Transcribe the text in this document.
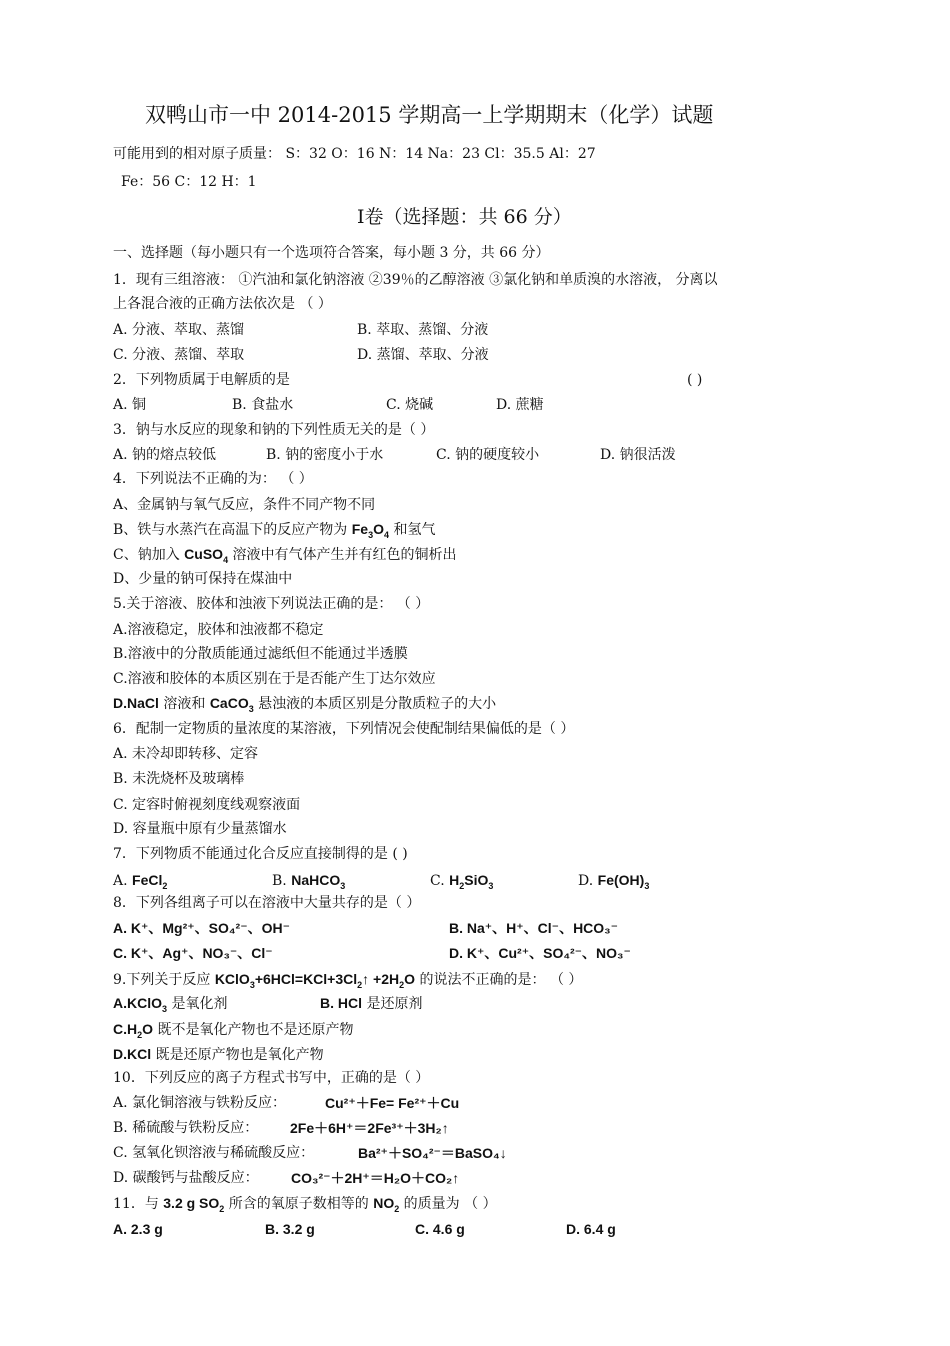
双鸭山市一中 2014-2015 学期高一上学期期末（化学）试题
可能用到的相对原子质量： S：32 O：16 N：14 Na：23 Cl：35.5 Al：27
Fe：56 C：12 H：1
Ⅰ卷（选择题：共 66 分）
一、选择题（每小题只有一个选项符合答案，每小题 3 分，共 66 分）
1．现有三组溶液： ①汽油和氯化钠溶液 ②39％的乙醇溶液 ③氯化钠和单质溴的水溶液， 分离以
上各混合液的正确方法依次是 （ ）
A. 分液、萃取、蒸馏	B. 萃取、蒸馏、分液
C. 分液、蒸馏、萃取	D. 蒸馏、萃取、分液
2．下列物质属于电解质的是	( )
A. 铜	B. 食盐水	C. 烧碱	D. 蔗糖
3．钠与水反应的现象和钠的下列性质无关的是（ ）
A. 钠的熔点较低	B. 钠的密度小于水	C. 钠的硬度较小	D. 钠很活泼
4．下列说法不正确的为： （ ）
A、金属钠与氧气反应，条件不同产物不同
B、铁与水蒸汽在高温下的反应产物为 $Fe_3O_4$ 和氢气
C、钠加入 CuSO$_4$ 溶液中有气体产生并有红色的铜析出
D、少量的钠可保持在煤油中
5.关于溶液、胶体和浊液下列说法正确的是： （ ）
A.溶液稳定，胶体和浊液都不稳定
B.溶液中的分散质能通过滤纸但不能通过半透膜
C.溶液和胶体的本质区别在于是否能产生丁达尔效应
D.NaCl 溶液和 CaCO$_3$ 悬浊液的本质区别是分散质粒子的大小
6．配制一定物质的量浓度的某溶液，下列情况会使配制结果偏低的是（ ）
A. 未冷却即转移、定容
B. 未洗烧杯及玻璃棒
C. 定容时俯视刻度线观察液面
D. 容量瓶中原有少量蒸馏水
7．下列物质不能通过化合反应直接制得的是 ( )
A. FeCl$_2$	B. NaHCO$_3$	C. $H_2SiO_3$	D. $Fe(OH)_3$
8．下列各组离子可以在溶液中大量共存的是（ ）
A. K⁺、Mg²⁺、SO₄²⁻、OH⁻	B. Na⁺、H⁺、Cl⁻、HCO₃⁻
C. K⁺、Ag⁺、NO₃⁻、Cl⁻	D. K⁺、Cu²⁺、SO₄²⁻、NO₃⁻
9.下列关于反应 $KClO_3+6HCl=KCl+3Cl_2↑ +2H_2O$ 的说法不正确的是： （ ）
A.KClO$_3$ 是氧化剂	B. HCl 是还原剂
$C.H_2O$ 既不是氧化产物也不是还原产物
D.KCl 既是还原产物也是氧化产物
10．下列反应的离子方程式书写中，正确的是（ ）
A. 氯化铜溶液与铁粉反应：	Cu²⁺＋Fe= Fe²⁺＋Cu
B. 稀硫酸与铁粉反应： 2Fe＋6H⁺＝2Fe³⁺＋3H₂↑
C. 氢氧化钡溶液与稀硫酸反应：	Ba²⁺＋SO₄²⁻＝BaSO₄↓
D. 碳酸钙与盐酸反应： CO₃²⁻＋2H⁺＝H₂O＋CO₂↑
11．与 3.2 g $SO_2$ 所含的氧原子数相等的 $NO_2$ 的质量为 （ ）
A. 2.3 g	B. 3.2 g	C. 4.6 g	D. 6.4 g
